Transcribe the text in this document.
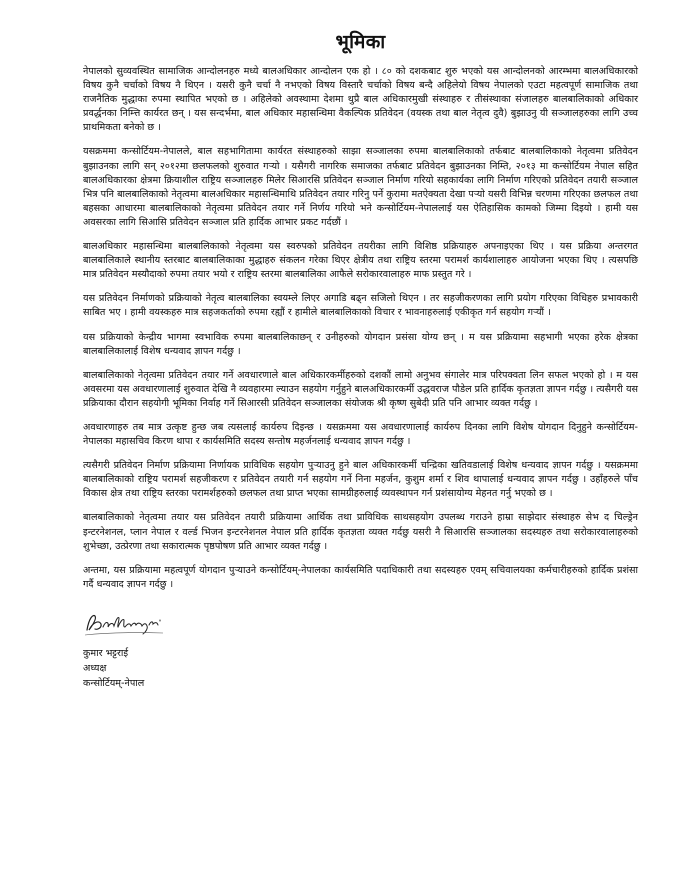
भूमिका

नेपालको सुव्यवस्थित सामाजिक आन्दोलनहरु मध्ये बालअधिकार आन्दोलन एक हो । ८० को दशकबाट शुरु भएको यस आन्दोलनको आरम्भमा बालअधिकारको विषय कुनै चर्चाको विषय नै थिएन । यसरी कुनै चर्चा नै नभएको विषय विस्तारै चर्चाको विषय बन्दै अहिलेयो विषय नेपालको एउटा महत्वपूर्ण सामाजिक तथा राजनैतिक मुद्धाका रुपमा स्थापित भएको छ । अहिलेको अवस्थामा देशमा थुप्रै बाल अधिकारमुखी संस्थाहरु र तीसंस्थाका संजालहरु बालबालिकाको अधिकार प्रवर्द्धनका निम्त्ति कार्यरत छन् । यस सन्दर्भमा, बाल अधिकार महासन्धिमा वैकल्पिक प्रतिवेदन (वयस्क तथा बाल नेतृत्व दुवै) बुझाउनु यी सञ्जालहरुका लागि उच्च प्राथमिकता बनेको छ ।

यसक्रममा कन्सोर्टियम-नेपालले, बाल सहभागितामा कार्यरत संस्थाहरुको साझा सञ्जालका रुपमा बालबालिकाको तर्फबाट बालबालिकाको नेतृत्वमा प्रतिवेदन बुझाउनका लागि सन् २०१२मा छलफलको शुरुवात गऱ्यो । यसैगरी नागरिक समाजका तर्फबाट प्रतिवेदन बुझाउनका निम्ति, २०१३ मा कन्सोर्टियम नेपाल सहित बालअधिकारका क्षेत्रमा क्रियाशील राष्ट्रिय सञ्जालहरु मिलेर सिआरसि प्रतिवेदन सञ्जाल निर्माण गरियो सहकार्यका लागि निर्माण गरिएको प्रतिवेदन तयारी सञ्जाल भित्र पनि बालबालिकाको नेतृत्वमा बालअधिकार महासन्धिमाथि प्रतिवेदन तयार गरिनु पर्ने कुरामा मतऐक्यता देखा पऱ्यो यसरी विभिन्न चरणमा गरिएका छलफल तथा बहसका आधारमा बालबालिकाको नेतृत्वमा प्रतिवेदन तयार गर्ने निर्णय गरियो भने कन्सोर्टियम-नेपाललाई यस ऐतिहासिक कामको जिम्मा दिइयो । हामी यस अवसरका लागि सिआसि प्रतिवेदन सञ्जाल प्रति हार्दिक आभार प्रकट गर्दछौं ।

बालअधिकार महासन्धिमा बालबालिकाको नेतृत्वमा यस स्वरुपको प्रतिवेदन तयरीका लागि विशिष्ठ प्रक्रियाहरु अपनाइएका थिए । यस प्रक्रिया अन्तरगत बालबालिकाले स्थानीय स्तरबाट बालबालिकाका मुद्धाहरु संकलन गरेका थिएर क्षेत्रीय तथा राष्ट्रिय स्तरमा परामर्श कार्यशालाहरु आयोजना भएका थिए । त्यसपछि मात्र प्रतिवेदन मस्यौदाको रुपमा तयार भयो र राष्ट्रिय स्तरमा बालबालिका आफैले सरोकारवालाहरु माफ प्रस्तुत गरे ।

यस प्रतिवेदन निर्माणको प्रक्रियाको नेतृत्व बालबालिका स्वयम्ले लिएर अगाडि बढ्न सजिलो थिएन । तर सहजीकरणका लागि प्रयोग गरिएका विधिहरु प्रभावकारी साबित भए । हामी वयस्कहरु मात्र सहजकर्ताको रुपमा रह्यौं र हामीले बालबालिकाको विचार र भावनाहरुलाई एकीकृत गर्न सहयोग गऱ्यौं ।

यस प्रक्रियाको केन्द्रीय भागमा स्वभाविक रुपमा बालबालिकाछन् र उनीहरुको योगदान प्रसंसा योग्य छन् । म यस प्रक्रियामा सहभागी भएका हरेक क्षेत्रका बालबालिकालाई विशेष धन्यवाद ज्ञापन गर्दछु ।

बालबालिकाको नेतृत्वमा प्रतिवेदन तयार गर्ने अवधारणाले बाल अधिकारकर्मीहरुको दशकौं लामो अनुभव संगालेर मात्र परिपक्वता लिन सफल भएको हो । म यस अवसरमा यस अवधारणालाई शुरुवात देखि नै व्यवहारमा ल्याउन सहयोग गर्नुहुने बालअधिकारकर्मी उद्धवराज पौडेल प्रति हार्दिक कृतज्ञता ज्ञापन गर्दछु । त्यसैगरी यस प्रक्रियाका दौरान सहयोगी भूमिका निर्वाह गर्ने सिआरसी प्रतिवेदन सञ्जालका संयोजक श्री कृष्ण सुबेदी प्रति पनि आभार व्यक्त गर्दछु ।

अवधारणाहरु तब मात्र उत्कृष्ट हुन्छ जब त्यसलाई कार्यरुप दिइन्छ । यसक्रममा यस अवधारणालाई कार्यरुप दिनका लागि विशेष योगदान दिनुहुने कन्सोर्टियम-नेपालका महासचिव किरण थापा र कार्यसमिति सदस्य सन्तोष महर्जनलाई धन्यवाद ज्ञापन गर्दछु ।

त्यसैगरी प्रतिवेदन निर्माण प्रक्रियामा निर्णायक प्राविधिक सहयोग पुऱ्याउनु हुने बाल अधिकारकर्मी चन्द्रिका खतिवडालाई विशेष धन्यवाद ज्ञापन गर्दछु । यसक्रममा बालबालिकाको राष्ट्रिय परामर्श सहजीकरण र प्रतिवेदन तयारी गर्न सहयोग गर्ने निना महर्जन, कुशुम शर्मा र शिव थापालाई धन्यवाद ज्ञापन गर्दछु । उहाँहरुले पाँच विकास क्षेत्र तथा राष्ट्रिय स्तरका परामर्शहरुको छलफल तथा प्राप्त भएका सामग्रीहरुलाई व्यवस्थापन गर्न प्रशंसायोग्य मेहनत गर्नु भएको छ ।

बालबालिकाको नेतृत्वमा तयार यस प्रतिवेदन तयारी प्रक्रियामा आर्थिक तथा प्राविधिक साथसहयोग उपलब्ध गराउने हाम्रा साझेदार संस्थाहरु सेभ द चिल्ड्रेन इन्टरनेशनल, प्लान नेपाल र वर्ल्ड भिजन इन्टरनेशनल नेपाल प्रति हार्दिक कृतज्ञता व्यक्त गर्दछु यसरी नै सिआरसि सञ्जालका सदस्यहरु तथा सरोकारवालाहरुको शुभेच्छा, उत्प्रेरणा तथा सकारात्मक पृष्ठपोषण प्रति आभार व्यक्त गर्दछु ।

अन्तमा, यस प्रक्रियामा महत्वपूर्ण योगदान पुऱ्याउने कन्सोर्टियम्-नेपालका कार्यसमिति पदाधिकारी तथा सदस्यहरु एवम् सचिवालयका कर्मचारीहरुको हार्दिक प्रशंसा गर्दै धन्यवाद ज्ञापन गर्दछु ।

कुमार भट्टराई
अध्यक्ष
कन्सोर्टियम्-नेपाल
